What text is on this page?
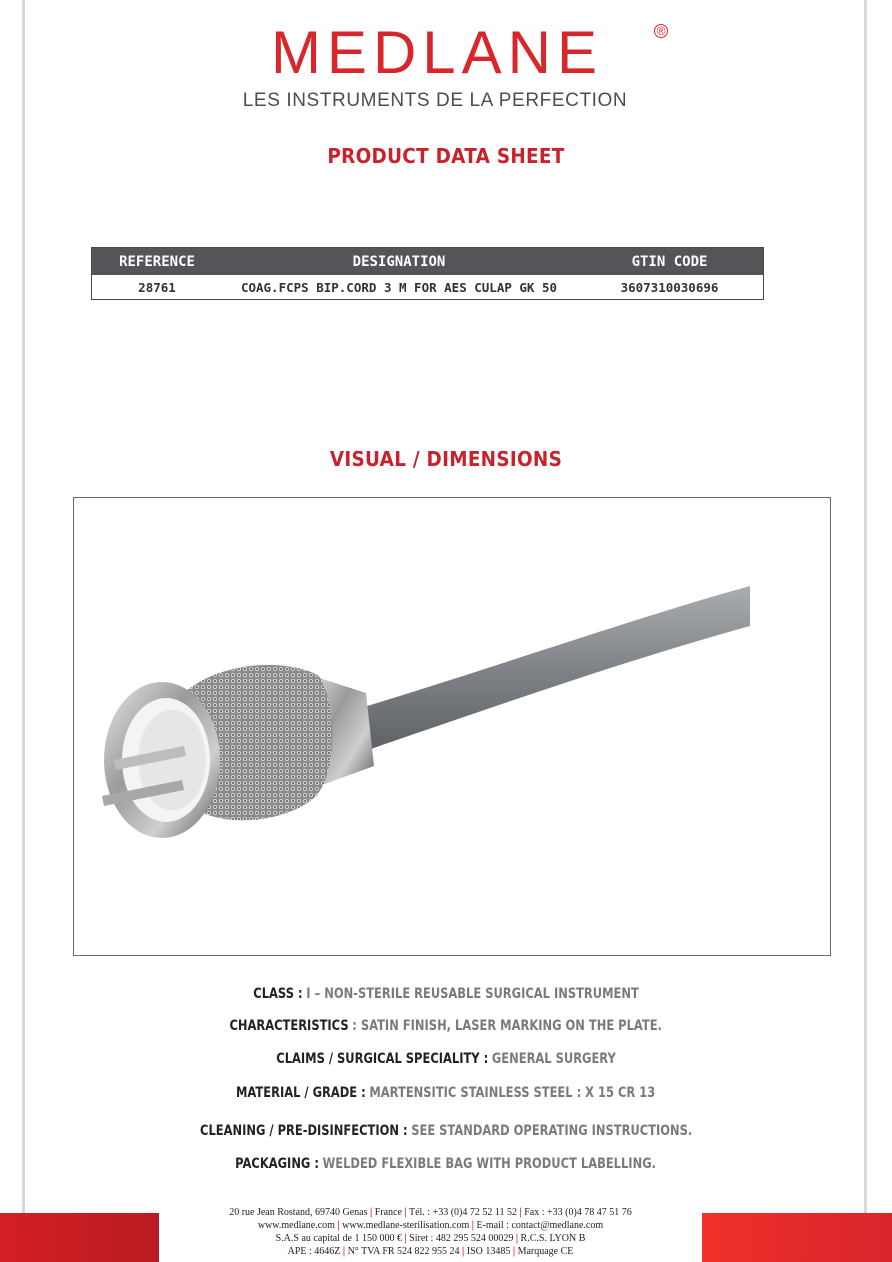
MEDLANE	®
LES INSTRUMENTS DE LA PERFECTION
PRODUCT DATA SHEET
REFERENCE	DESIGNATION	GTIN CODE
28761	COAG.FCPS BIP.CORD 3 M FOR AES CULAP GK 50	3607310030696
VISUAL / DIMENSIONS
CLASS : I – NON-STERILE REUSABLE SURGICAL INSTRUMENT
CHARACTERISTICS : SATIN FINISH, LASER MARKING ON THE PLATE.
CLAIMS / SURGICAL SPECIALITY : GENERAL SURGERY
MATERIAL / GRADE : MARTENSITIC STAINLESS STEEL : X 15 CR 13
CLEANING / PRE-DISINFECTION : SEE STANDARD OPERATING INSTRUCTIONS.
PACKAGING : WELDED FLEXIBLE BAG WITH PRODUCT LABELLING.
20 rue Jean Rostand, 69740 Genas | France | Tél. : +33 (0)4 72 52 11 52 | Fax : +33 (0)4 78 47 51 76
www.medlane.com | www.medlane-sterilisation.com | E-mail : contact@medlane.com
S.A.S au capital de 1 150 000 € | Siret : 482 295 524 00029 | R.C.S. LYON B
APE : 4646Z | N° TVA FR 524 822 955 24 | ISO 13485 | Marquage CE
